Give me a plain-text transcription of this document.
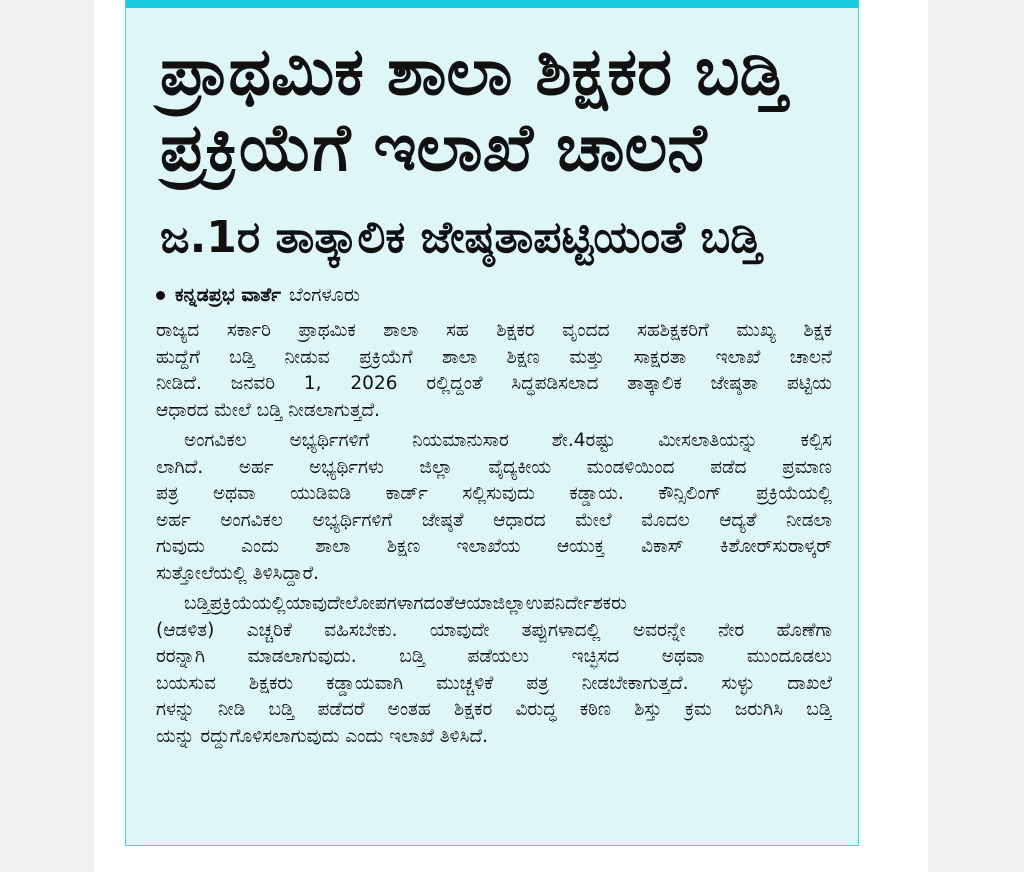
ಪ್ರಾಥಮಿಕ ಶಾಲಾ ಶಿಕ್ಷಕರ ಬಡ್ತಿ
ಪ್ರಕ್ರಿಯೆಗೆ ಇಲಾಖೆ ಚಾಲನೆ
ಜ.1ರ ತಾತ್ಕಾಲಿಕ ಜೇಷ್ಠತಾಪಟ್ಟಿಯಂತೆ ಬಡ್ತಿ
ಕನ್ನಡಪ್ರಭ ವಾರ್ತೆ ಬೆಂಗಳೂರು
ರಾಜ್ಯದ ಸರ್ಕಾರಿ ಪ್ರಾಥಮಿಕ ಶಾಲಾ ಸಹ ಶಿಕ್ಷಕರ ವೃಂದದ ಸಹಶಿಕ್ಷಕರಿಗೆ ಮುಖ್ಯ ಶಿಕ್ಷಕ
ಹುದ್ದೆಗೆ ಬಡ್ತಿ ನೀಡುವ ಪ್ರಕ್ರಿಯೆಗೆ ಶಾಲಾ ಶಿಕ್ಷಣ ಮತ್ತು ಸಾಕ್ಷರತಾ ಇಲಾಖೆ ಚಾಲನೆ
ನೀಡಿದೆ. ಜನವರಿ 1, 2026 ರಲ್ಲಿದ್ದಂತೆ ಸಿದ್ಧಪಡಿಸಲಾದ ತಾತ್ಕಾಲಿಕ ಜೇಷ್ಠತಾ ಪಟ್ಟಿಯ
ಆಧಾರದ ಮೇಲೆ ಬಡ್ತಿ ನೀಡಲಾಗುತ್ತದೆ.
ಅಂಗವಿಕಲ ಅಭ್ಯರ್ಥಿಗಳಿಗೆ ನಿಯಮಾನುಸಾರ ಶೇ.4ರಷ್ಟು ಮೀಸಲಾತಿಯನ್ನು ಕಲ್ಪಿಸ
ಲಾಗಿದೆ. ಅರ್ಹ ಅಭ್ಯರ್ಥಿಗಳು ಜಿಲ್ಲಾ ವೈದ್ಯಕೀಯ ಮಂಡಳಿಯಿಂದ ಪಡೆದ ಪ್ರಮಾಣ
ಪತ್ರ ಅಥವಾ ಯುಡಿಐಡಿ ಕಾರ್ಡ್ ಸಲ್ಲಿಸುವುದು ಕಡ್ಡಾಯ. ಕೌನ್ಸಿಲಿಂಗ್ ಪ್ರಕ್ರಿಯೆಯಲ್ಲಿ
ಅರ್ಹ ಅಂಗವಿಕಲ ಅಭ್ಯರ್ಥಿಗಳಿಗೆ ಜೇಷ್ಠತೆ ಆಧಾರದ ಮೇಲೆ ಮೊದಲ ಆದ್ಯತೆ ನೀಡಲಾ
ಗುವುದು ಎಂದು ಶಾಲಾ ಶಿಕ್ಷಣ ಇಲಾಖೆಯ ಆಯುಕ್ತ ವಿಕಾಸ್ ಕಿಶೋರ್‌ಸುರಾಳ್ಕರ್
ಸುತ್ತೋಲೆಯಲ್ಲಿ ತಿಳಿಸಿದ್ದಾರೆ.
ಬಡ್ತಿಪ್ರಕ್ರಿಯೆಯಲ್ಲಿಯಾವುದೇಲೋಪಗಳಾಗದಂತೆಆಯಾಜಿಲ್ಲಾಉಪನಿರ್ದೇಶಕರು
(ಆಡಳಿತ) ಎಚ್ಚರಿಕೆ ವಹಿಸಬೇಕು. ಯಾವುದೇ ತಪ್ಪುಗಳಾದಲ್ಲಿ ಅವರನ್ನೇ ನೇರ ಹೊಣೆಗಾ
ರರನ್ನಾಗಿ ಮಾಡಲಾಗುವುದು. ಬಡ್ತಿ ಪಡೆಯಲು ಇಚ್ಛಿಸದ ಅಥವಾ ಮುಂದೂಡಲು
ಬಯಸುವ ಶಿಕ್ಷಕರು ಕಡ್ಡಾಯವಾಗಿ ಮುಚ್ಚಳಿಕೆ ಪತ್ರ ನೀಡಬೇಕಾಗುತ್ತದೆ. ಸುಳ್ಳು ದಾಖಲೆ
ಗಳನ್ನು ನೀಡಿ ಬಡ್ತಿ ಪಡೆದರೆ ಅಂತಹ ಶಿಕ್ಷಕರ ವಿರುದ್ಧ ಕಠಿಣ ಶಿಸ್ತು ಕ್ರಮ ಜರುಗಿಸಿ ಬಡ್ತಿ
ಯನ್ನು ರದ್ದುಗೊಳಿಸಲಾಗುವುದು ಎಂದು ಇಲಾಖೆ ತಿಳಿಸಿದೆ.
